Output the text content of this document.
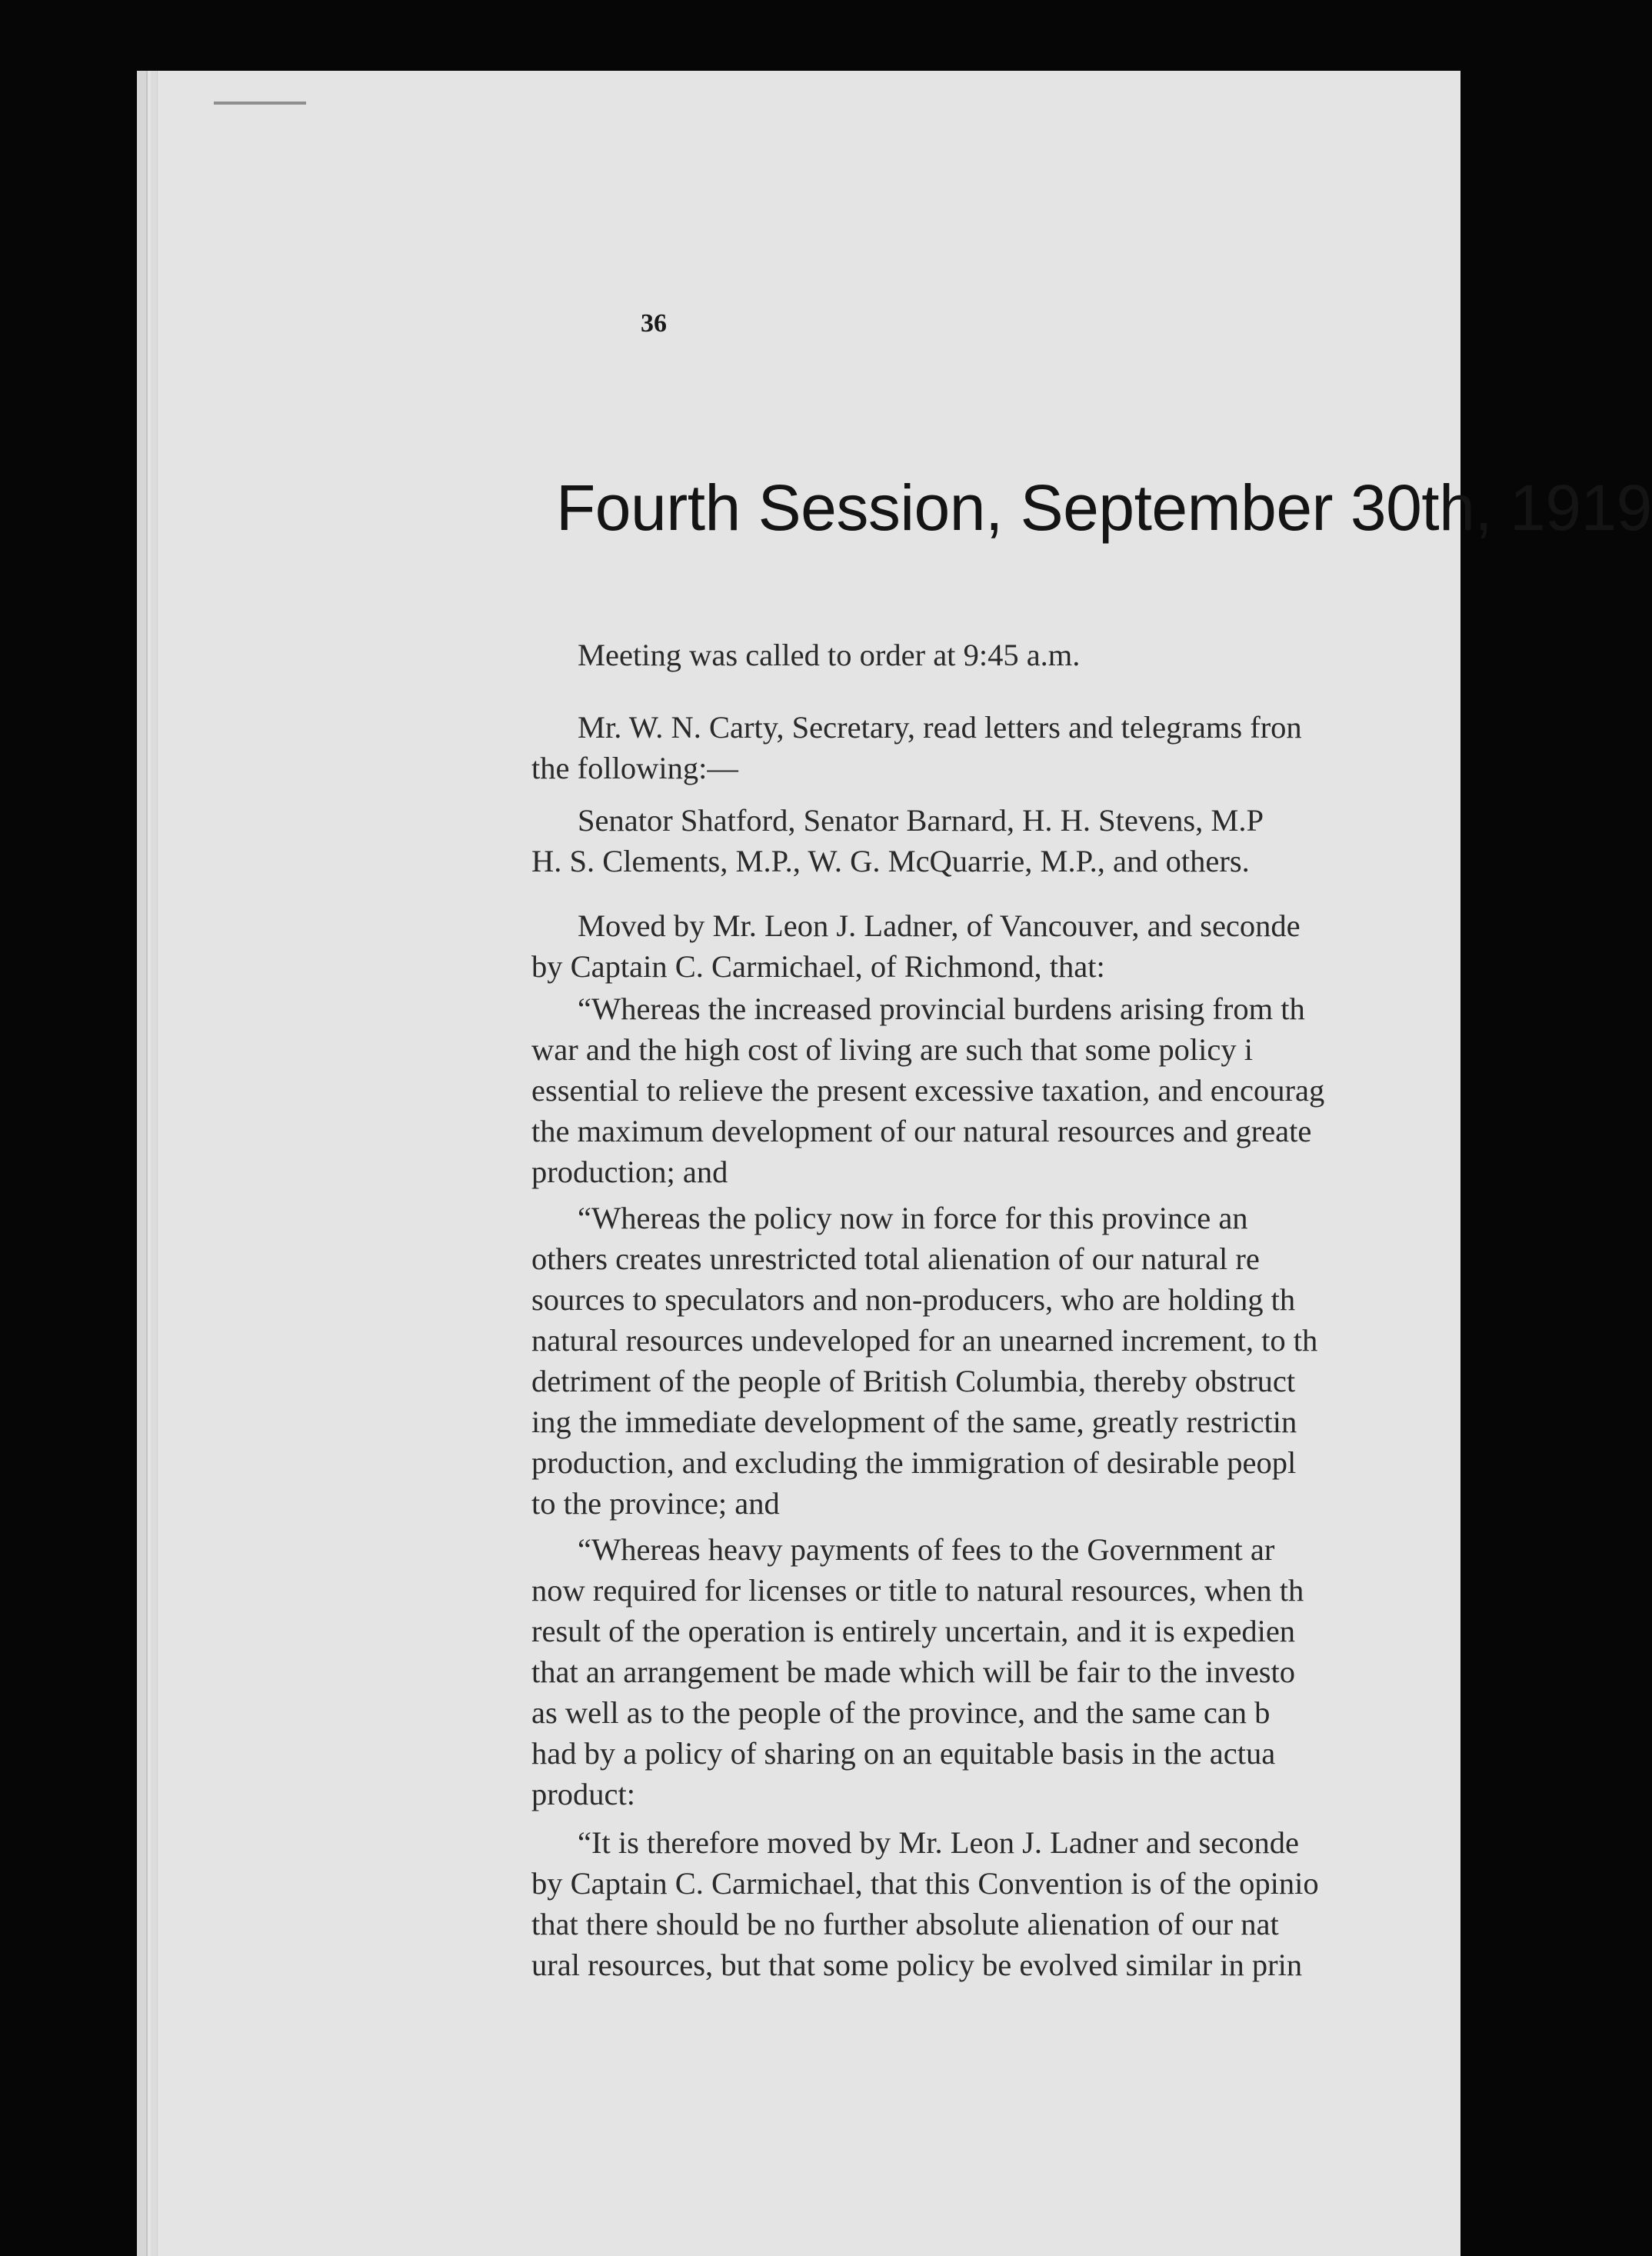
36
Fourth Session, September 30th, 1919
Meeting was called to order at 9:45 a.m.
Mr. W. N. Carty, Secretary, read letters and telegrams fron
the following:—
Senator Shatford, Senator Barnard, H. H. Stevens, M.P
H. S. Clements, M.P., W. G. McQuarrie, M.P., and others.
Moved by Mr. Leon J. Ladner, of Vancouver, and seconde
by Captain C. Carmichael, of Richmond, that:
“Whereas the increased provincial burdens arising from th
war and the high cost of living are such that some policy i
essential to relieve the present excessive taxation, and encourag
the maximum development of our natural resources and greate
production; and
“Whereas the policy now in force for this province an
others creates unrestricted total alienation of our natural re
sources to speculators and non-producers, who are holding th
natural resources undeveloped for an unearned increment, to th
detriment of the people of British Columbia, thereby obstruct
ing the immediate development of the same, greatly restrictin
production, and excluding the immigration of desirable peopl
to the province; and
“Whereas heavy payments of fees to the Government ar
now required for licenses or title to natural resources, when th
result of the operation is entirely uncertain, and it is expedien
that an arrangement be made which will be fair to the investo
as well as to the people of the province, and the same can b
had by a policy of sharing on an equitable basis in the actua
product:
“It is therefore moved by Mr. Leon J. Ladner and seconde
by Captain C. Carmichael, that this Convention is of the opinio
that there should be no further absolute alienation of our nat
ural resources, but that some policy be evolved similar in prin
